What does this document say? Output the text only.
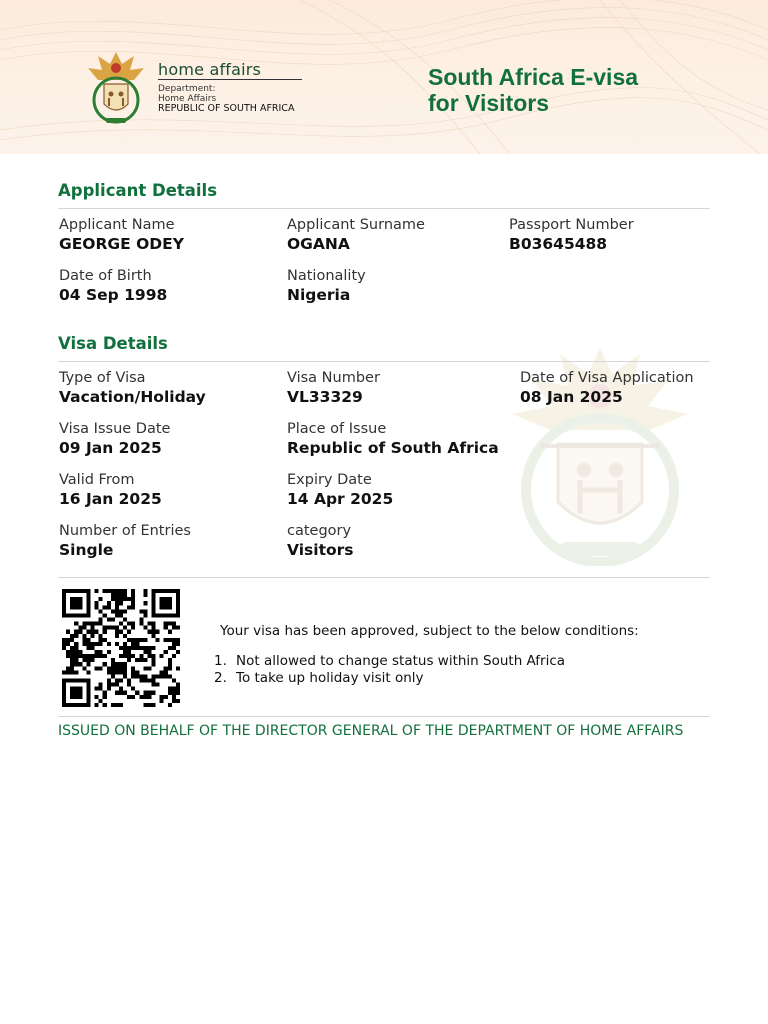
home affairs
Department:
Home Affairs
REPUBLIC OF SOUTH AFRICA
South Africa E-visa
for Visitors
Applicant Details
Applicant Name
GEORGE ODEY
Applicant Surname
OGANA
Passport Number
B03645488
Date of Birth
04 Sep 1998
Nationality
Nigeria
Visa Details
Type of Visa
Vacation/Holiday
Visa Number
VL33329
Date of Visa Application
08 Jan 2025
Visa Issue Date
09 Jan 2025
Place of Issue
Republic of South Africa
Valid From
16 Jan 2025
Expiry Date
14 Apr 2025
Number of Entries
Single
category
Visitors
Your visa has been approved, subject to the below conditions:
1. Not allowed to change status within South Africa
2. To take up holiday visit only
ISSUED ON BEHALF OF THE DIRECTOR GENERAL OF THE DEPARTMENT OF HOME AFFAIRS
